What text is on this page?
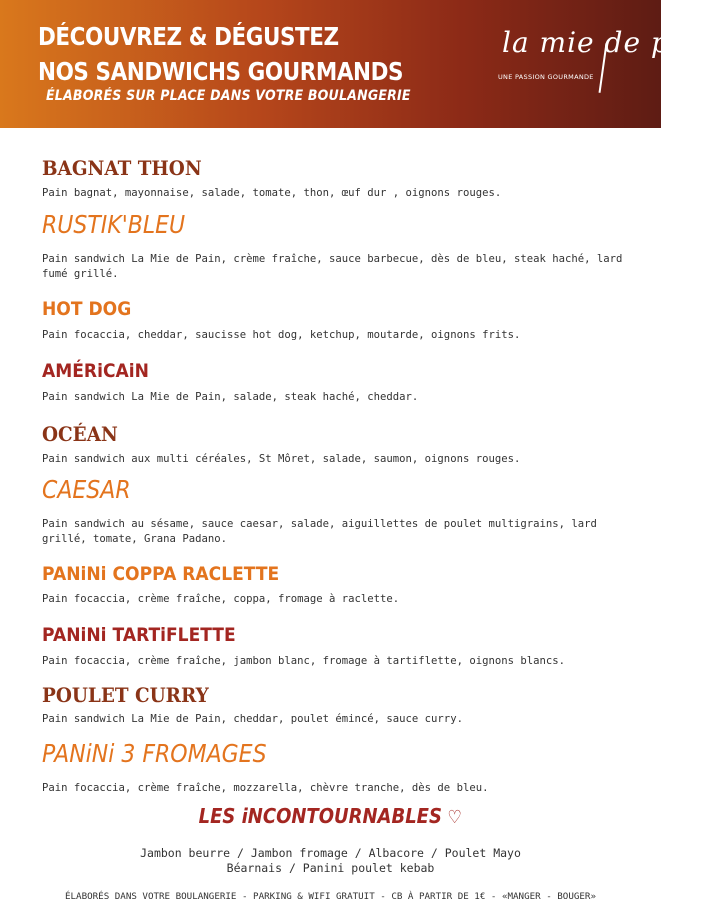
DÉCOUVREZ & DÉGUSTEZ
NOS SANDWICHS GOURMANDS
ÉLABORÉS SUR PLACE DANS VOTRE BOULANGERIE
la mie de pain
UNE PASSION GOURMANDE
BAGNAT THON
Pain bagnat, mayonnaise, salade, tomate, thon, œuf dur , oignons rouges.
RUSTIK'BLEU
Pain sandwich La Mie de Pain, crème fraîche, sauce barbecue, dès de bleu, steak haché, lard fumé grillé.
HOT DOG
Pain focaccia, cheddar, saucisse hot dog, ketchup, moutarde, oignons frits.
AMÉRiCAiN
Pain sandwich La Mie de Pain, salade, steak haché, cheddar.
OCÉAN
Pain sandwich aux multi céréales, St Môret, salade, saumon, oignons rouges.
CAESAR
Pain sandwich au sésame, sauce caesar, salade, aiguillettes de poulet multigrains, lard grillé, tomate, Grana Padano.
PANiNi COPPA RACLETTE
Pain focaccia, crème fraîche, coppa, fromage à raclette.
PANiNi TARTiFLETTE
Pain focaccia, crème fraîche, jambon blanc, fromage à tartiflette, oignons blancs.
POULET CURRY
Pain sandwich La Mie de Pain, cheddar, poulet émincé, sauce curry.
PANiNi 3 FROMAGES
Pain focaccia, crème fraîche, mozzarella, chèvre tranche, dès de bleu.
LES iNCONTOURNABLES ♡
Jambon beurre / Jambon fromage / Albacore / Poulet Mayo
Béarnais / Panini poulet kebab
ÉLABORÉS DANS VOTRE BOULANGERIE - PARKING & WIFI GRATUIT - CB À PARTIR DE 1€ - «MANGER - BOUGER»
